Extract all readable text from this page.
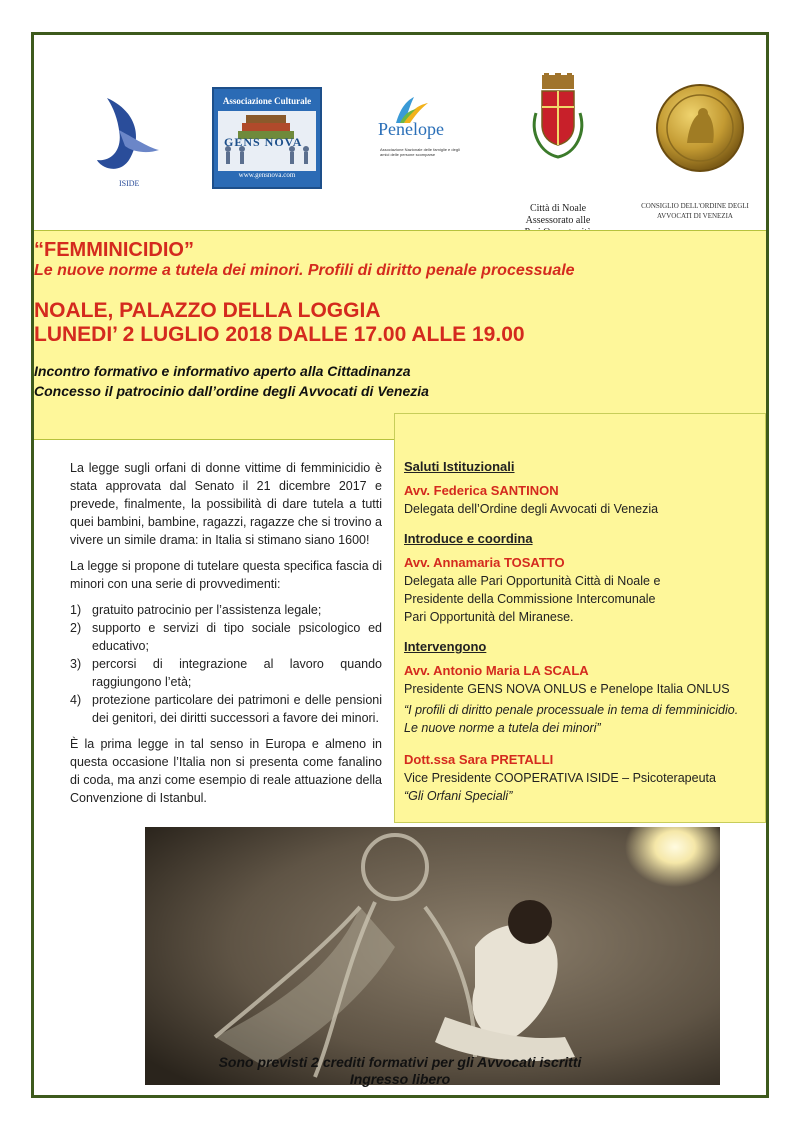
ISIDE
Associazione Culturale
GENS NOVA
www.gensnova.com
Penelope
Associazione Nazionale delle famiglie e degli amici delle persone scomparse
Città di Noale
Assessorato alle
CONSIGLIO DELL'ORDINE DEGLI
AVVOCATI DI VENEZIA
“FEMMINICIDIO”
Le nuove norme a tutela dei minori. Profili di diritto penale processuale
NOALE, PALAZZO DELLA LOGGIA
LUNEDI’ 2 LUGLIO 2018 DALLE 17.00 ALLE 19.00
Incontro formativo e informativo aperto alla Cittadinanza
Concesso il patrocinio dall’ordine degli Avvocati di Venezia

La legge sugli orfani di donne vittime di femminicidio è stata approvata dal Senato il 21 dicembre 2017 e prevede, finalmente, la possibilità di dare tutela a tutti quei bambini, bambine, ragazzi, ragazze che si trovino a vivere un simile drama: in Italia si stimano siano 1600!

La legge si propone di tutelare questa specifica fascia di minori con una serie di provvedimenti:

1) gratuito patrocinio per l’assistenza legale;
2) supporto e servizi di tipo sociale psicologico ed educativo;
3) percorsi di integrazione al lavoro quando raggiungono l’età;
4) protezione particolare dei patrimoni e delle pensioni dei genitori, dei diritti successori a favore dei minori.

È la prima legge in tal senso in Europa e almeno in questa occasione l’Italia non si presenta come fanalino di coda, ma anzi come esempio di reale attuazione della Convenzione di Istanbul.

Saluti Istituzionali
Avv. Federica SANTINON
Delegata dell’Ordine degli Avvocati di Venezia
Introduce e coordina
Avv. Annamaria TOSATTO
Delegata alle Pari Opportunità Città di Noale e
Presidente della Commissione Intercomunale
Pari Opportunità del Miranese.
Intervengono
Avv. Antonio Maria LA SCALA
Presidente GENS NOVA ONLUS e Penelope Italia ONLUS
“I profili di diritto penale processuale in tema di femminicidio.
Le nuove norme a tutela dei minori”
Dott.ssa Sara PRETALLI
Vice Presidente COOPERATIVA ISIDE – Psicoterapeuta
“Gli Orfani Speciali”
Sono previsti 2 crediti formativi per gli Avvocati iscritti
Ingresso libero
